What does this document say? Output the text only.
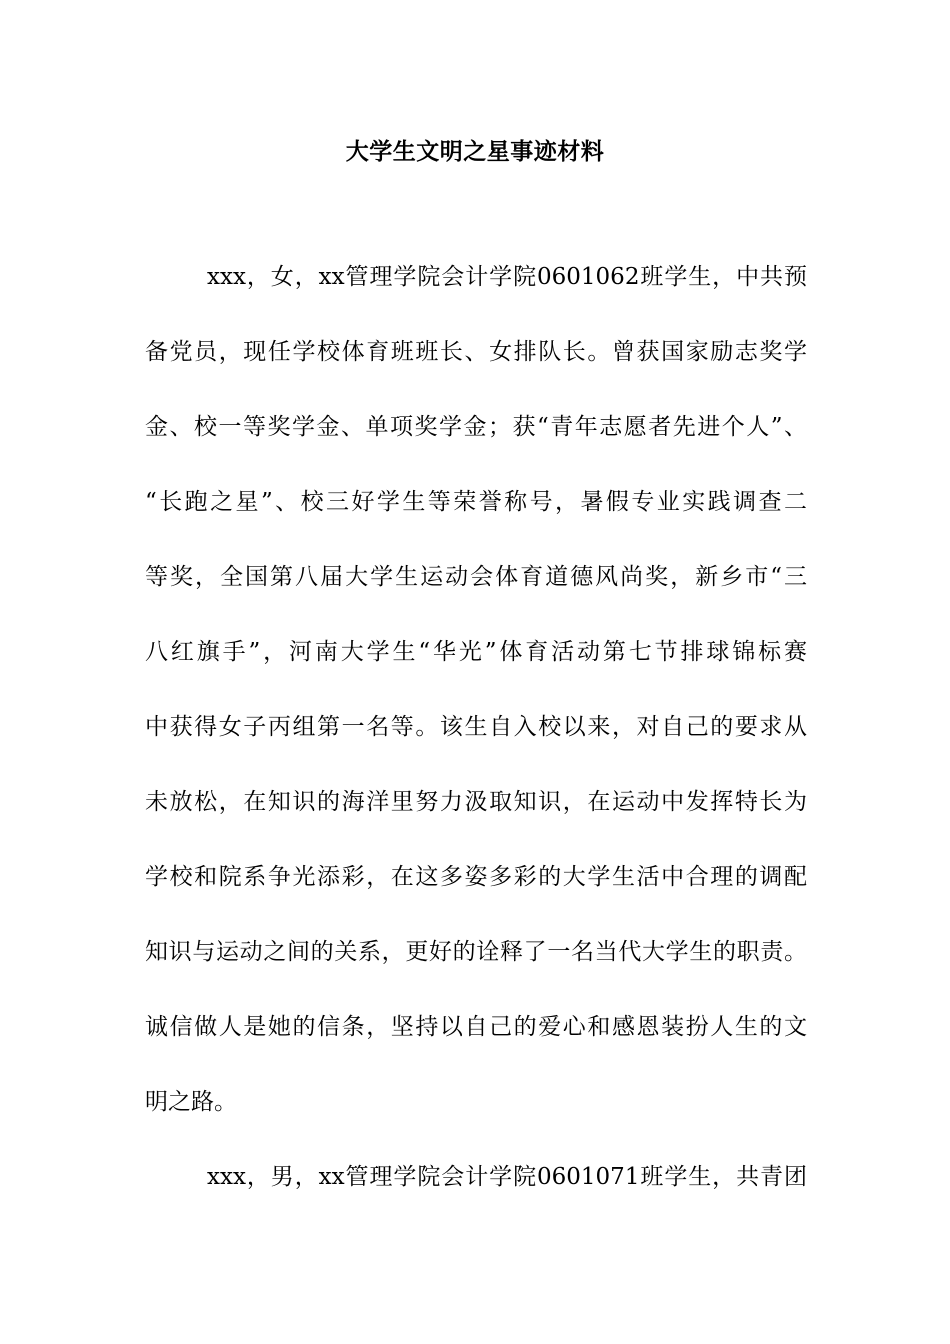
大学生文明之星事迹材料
xxx，女，xx管理学院会计学院0601062班学生，中共预
备党员，现任学校体育班班长、女排队长。曾获国家励志奖学
金、校一等奖学金、单项奖学金；获“青年志愿者先进个人”、
“长跑之星”、校三好学生等荣誉称号，暑假专业实践调查二
等奖，全国第八届大学生运动会体育道德风尚奖，新乡市“三
八红旗手”，河南大学生“华光”体育活动第七节排球锦标赛
中获得女子丙组第一名等。该生自入校以来，对自己的要求从
未放松，在知识的海洋里努力汲取知识，在运动中发挥特长为
学校和院系争光添彩，在这多姿多彩的大学生活中合理的调配
知识与运动之间的关系，更好的诠释了一名当代大学生的职责。
诚信做人是她的信条，坚持以自己的爱心和感恩装扮人生的文
明之路。
xxx，男，xx管理学院会计学院0601071班学生，共青团
